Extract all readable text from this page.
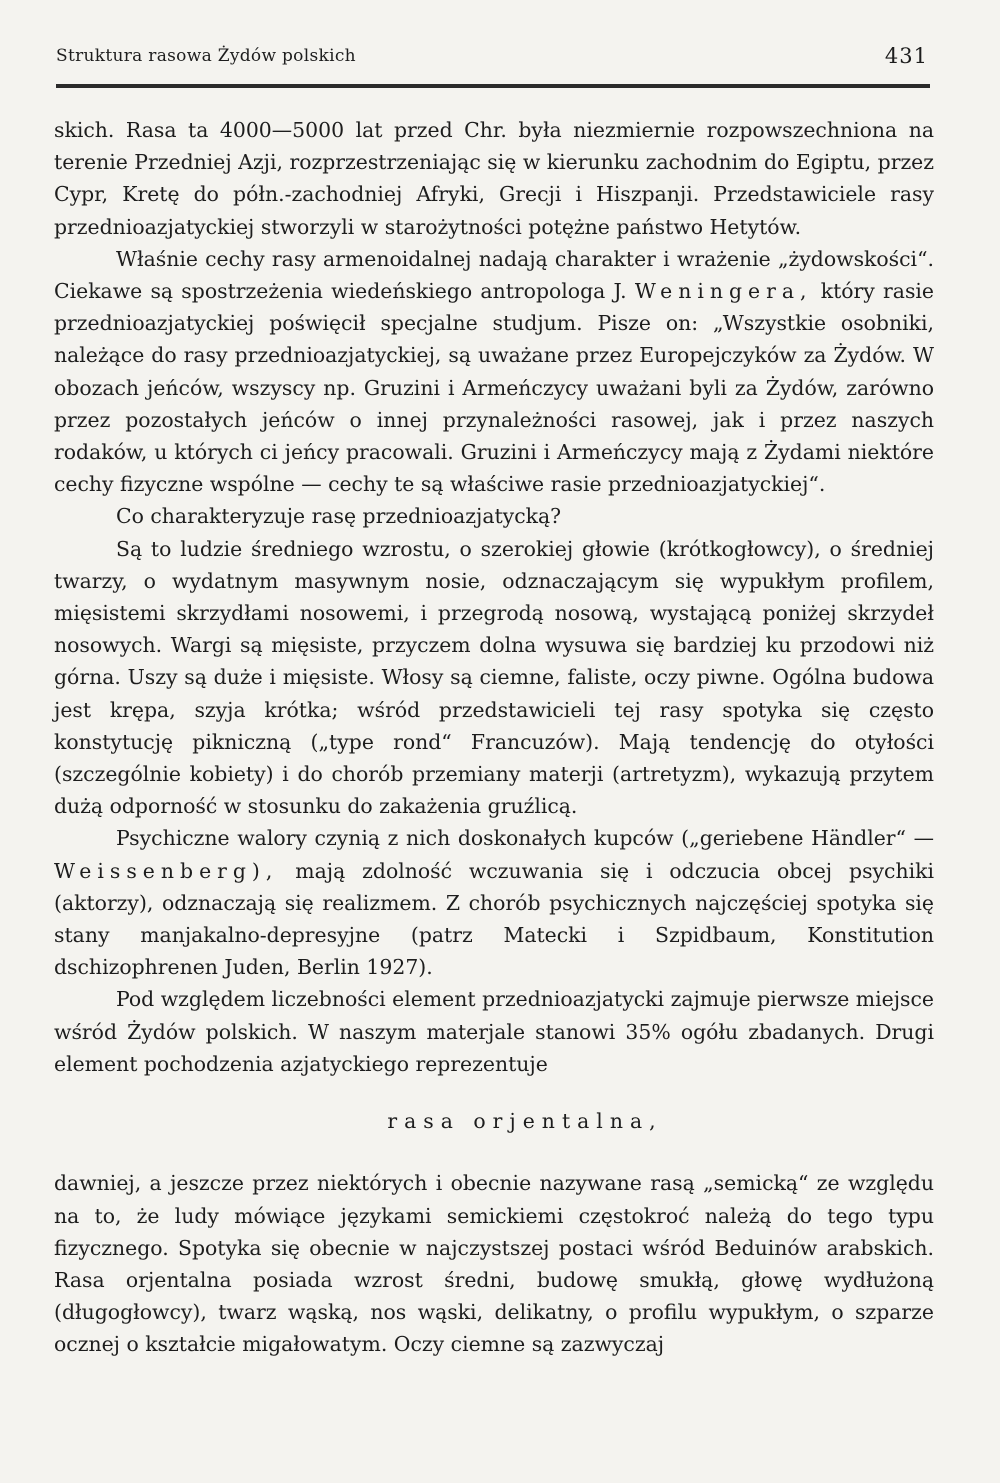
Struktura rasowa Żydów polskich	431

skich. Rasa ta 4000—5000 lat przed Chr. była niezmiernie rozpowszechniona na terenie Przedniej Azji, rozprzestrzeniając się w kierunku zachodnim do Egiptu, przez Cypr, Kretę do półn.-zachodniej Afryki, Grecji i Hiszpanji. Przedstawiciele rasy przednioazjatyckiej stworzyli w starożytności potężne państwo Hetytów.

Właśnie cechy rasy armenoidalnej nadają charakter i wrażenie „żydowskości“. Ciekawe są spostrzeżenia wiedeńskiego antropologa J. Weningera, który rasie przednioazjatyckiej poświęcił specjalne studjum. Pisze on: „Wszystkie osobniki, należące do rasy przednioazjatyckiej, są uważane przez Europejczyków za Żydów. W obozach jeńców, wszyscy np. Gruzini i Armeńczycy uważani byli za Żydów, zarówno przez pozostałych jeńców o innej przynależności rasowej, jak i przez naszych rodaków, u których ci jeńcy pracowali. Gruzini i Armeńczycy mają z Żydami niektóre cechy fizyczne wspólne — cechy te są właściwe rasie przednioazjatyckiej“.

Co charakteryzuje rasę przednioazjatycką?

Są to ludzie średniego wzrostu, o szerokiej głowie (krótkogłowcy), o średniej twarzy, o wydatnym masywnym nosie, odznaczającym się wypukłym profilem, mięsistemi skrzydłami nosowemi, i przegrodą nosową, wystającą poniżej skrzydeł nosowych. Wargi są mięsiste, przyczem dolna wysuwa się bardziej ku przodowi niż górna. Uszy są duże i mięsiste. Włosy są ciemne, faliste, oczy piwne. Ogólna budowa jest krępa, szyja krótka; wśród przedstawicieli tej rasy spotyka się często konstytucję pikniczną („type rond“ Francuzów). Mają tendencję do otyłości (szczególnie kobiety) i do chorób przemiany materji (artretyzm), wykazują przytem dużą odporność w stosunku do zakażenia gruźlicą.

Psychiczne walory czynią z nich doskonałych kupców („geriebene Händler“ — Weissenberg), mają zdolność wczuwania się i odczucia obcej psychiki (aktorzy), odznaczają się realizmem. Z chorób psychicznych najczęściej spotyka się stany manjakalno-depresyjne (patrz Matecki i Szpidbaum, Konstitution dschizophrenen Juden, Berlin 1927).

Pod względem liczebności element przednioazjatycki zajmuje pierwsze miejsce wśród Żydów polskich. W naszym materjale stanowi 35% ogółu zbadanych. Drugi element pochodzenia azjatyckiego reprezentuje

rasa orjentalna,

dawniej, a jeszcze przez niektórych i obecnie nazywane rasą „semicką“ ze względu na to, że ludy mówiące językami semickiemi częstokroć należą do tego typu fizycznego. Spotyka się obecnie w najczystszej postaci wśród Beduinów arabskich. Rasa orjentalna posiada wzrost średni, budowę smukłą, głowę wydłużoną (długogłowcy), twarz wąską, nos wąski, delikatny, o profilu wypukłym, o szparze ocznej o kształcie migałowatym. Oczy ciemne są zazwyczaj
